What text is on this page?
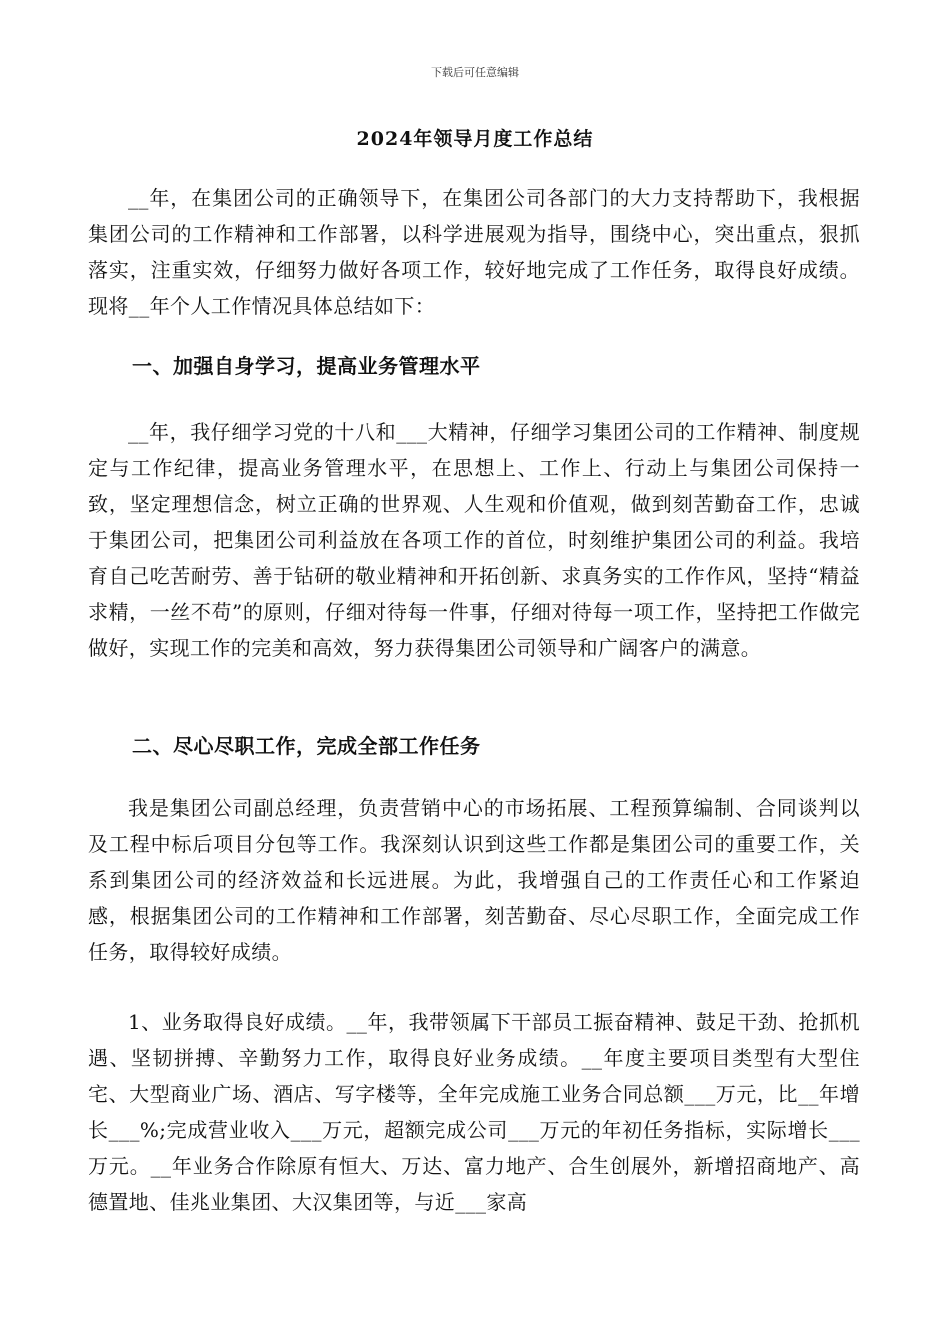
下载后可任意编辑
2024年领导月度工作总结

__年，在集团公司的正确领导下，在集团公司各部门的大力支持帮助下，我根据集团公司的工作精神和工作部署，以科学进展观为指导，围绕中心，突出重点，狠抓落实，注重实效，仔细努力做好各项工作，较好地完成了工作任务，取得良好成绩。现将__年个人工作情况具体总结如下：

一、加强自身学习，提高业务管理水平

__年，我仔细学习党的十八和___大精神，仔细学习集团公司的工作精神、制度规定与工作纪律，提高业务管理水平，在思想上、工作上、行动上与集团公司保持一致，坚定理想信念，树立正确的世界观、人生观和价值观，做到刻苦勤奋工作，忠诚于集团公司，把集团公司利益放在各项工作的首位，时刻维护集团公司的利益。我培育自己吃苦耐劳、善于钻研的敬业精神和开拓创新、求真务实的工作作风，坚持“精益求精，一丝不苟”的原则，仔细对待每一件事，仔细对待每一项工作，坚持把工作做完做好，实现工作的完美和高效，努力获得集团公司领导和广阔客户的满意。

二、尽心尽职工作，完成全部工作任务

我是集团公司副总经理，负责营销中心的市场拓展、工程预算编制、合同谈判以及工程中标后项目分包等工作。我深刻认识到这些工作都是集团公司的重要工作，关系到集团公司的经济效益和长远进展。为此，我增强自己的工作责任心和工作紧迫感，根据集团公司的工作精神和工作部署，刻苦勤奋、尽心尽职工作，全面完成工作任务，取得较好成绩。

1、业务取得良好成绩。__年，我带领属下干部员工振奋精神、鼓足干劲、抢抓机遇、坚韧拼搏、辛勤努力工作，取得良好业务成绩。__年度主要项目类型有大型住宅、大型商业广场、酒店、写字楼等，全年完成施工业务合同总额___万元，比__年增长___%;完成营业收入___万元，超额完成公司___万元的年初任务指标，实际增长___万元。__年业务合作除原有恒大、万达、富力地产、合生创展外，新增招商地产、高德置地、佳兆业集团、大汉集团等，与近___家高
